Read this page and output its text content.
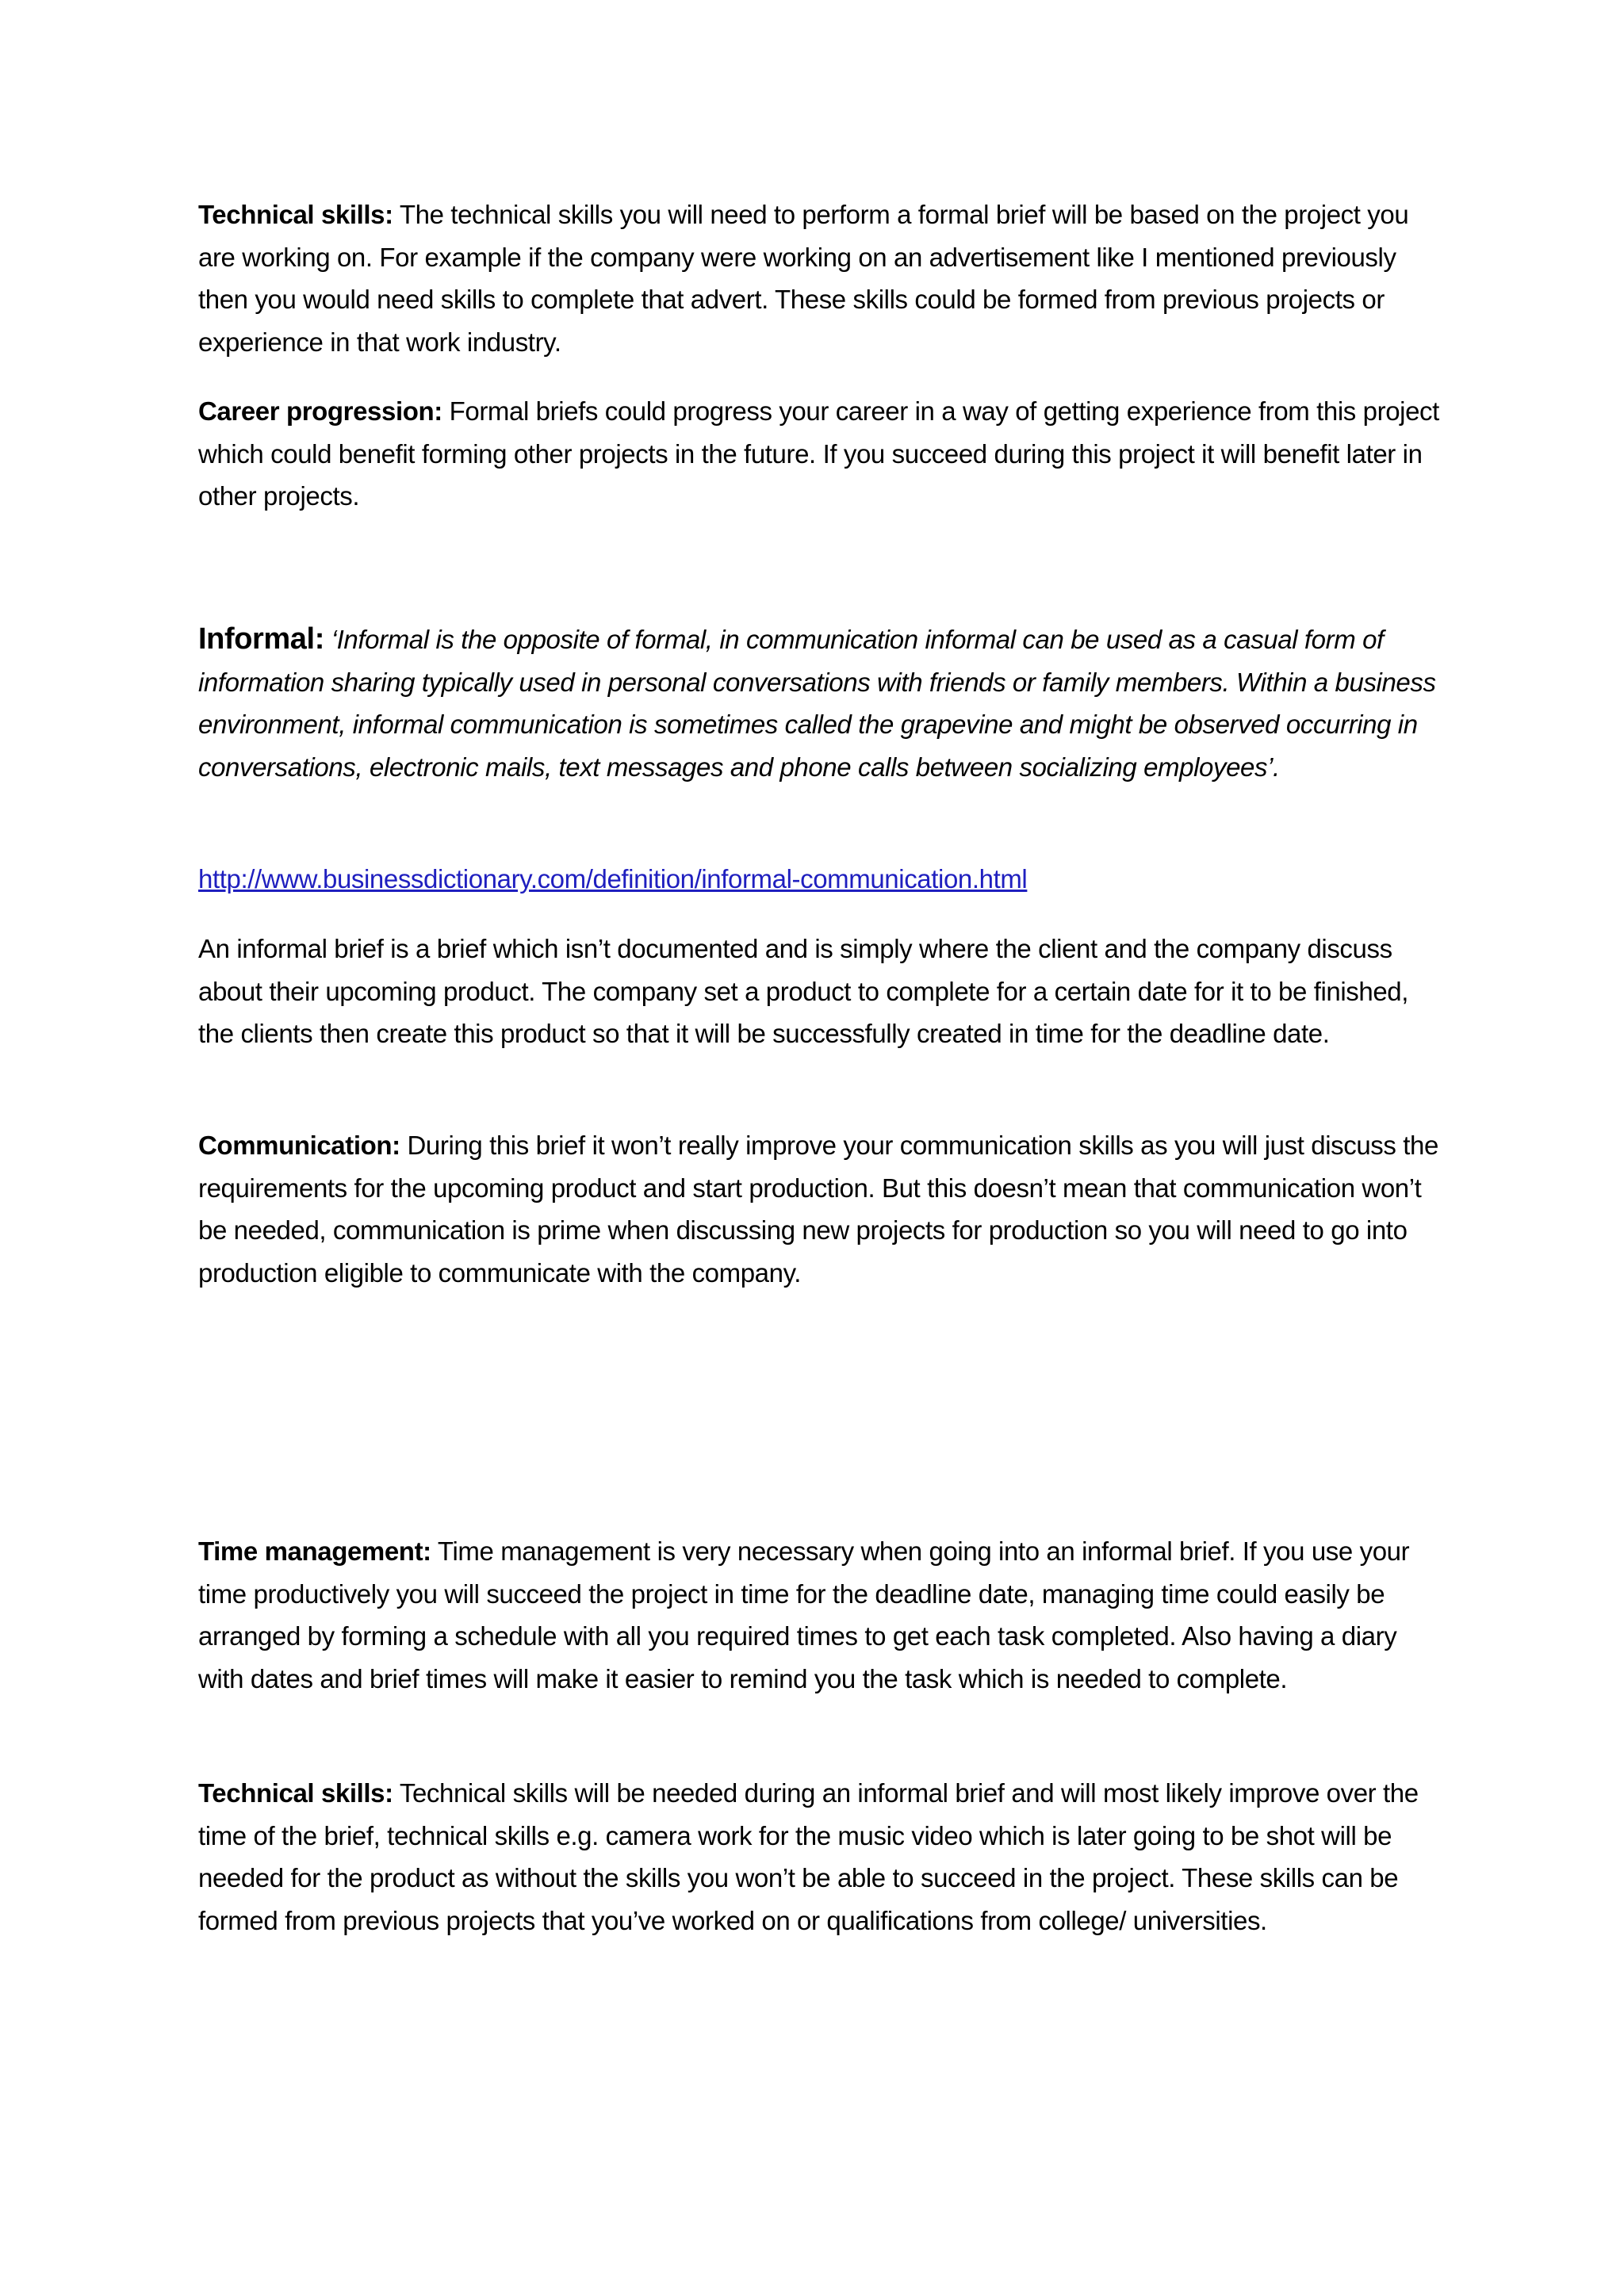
Technical skills: The technical skills you will need to perform a formal brief will be based on the project you are working on. For example if the company were working on an advertisement like I mentioned previously then you would need skills to complete that advert. These skills could be formed from previous projects or experience in that work industry.

Career progression: Formal briefs could progress your career in a way of getting experience from this project which could benefit forming other projects in the future. If you succeed during this project it will benefit later in other projects.

Informal: ‘Informal is the opposite of formal, in communication informal can be used as a casual form of information sharing typically used in personal conversations with friends or family members. Within a business environment, informal communication is sometimes called the grapevine and might be observed occurring in conversations, electronic mails, text messages and phone calls between socializing employees’.

http://www.businessdictionary.com/definition/informal-communication.html

An informal brief is a brief which isn’t documented and is simply where the client and the company discuss about their upcoming product. The company set a product to complete for a certain date for it to be finished, the clients then create this product so that it will be successfully created in time for the deadline date.

Communication: During this brief it won’t really improve your communication skills as you will just discuss the requirements for the upcoming product and start production. But this doesn’t mean that communication won’t be needed, communication is prime when discussing new projects for production so you will need to go into production eligible to communicate with the company.

Time management: Time management is very necessary when going into an informal brief. If you use your time productively you will succeed the project in time for the deadline date, managing time could easily be arranged by forming a schedule with all you required times to get each task completed. Also having a diary with dates and brief times will make it easier to remind you the task which is needed to complete.

Technical skills: Technical skills will be needed during an informal brief and will most likely improve over the time of the brief, technical skills e.g. camera work for the music video which is later going to be shot will be needed for the product as without the skills you won’t be able to succeed in the project. These skills can be formed from previous projects that you’ve worked on or qualifications from college/ universities.
